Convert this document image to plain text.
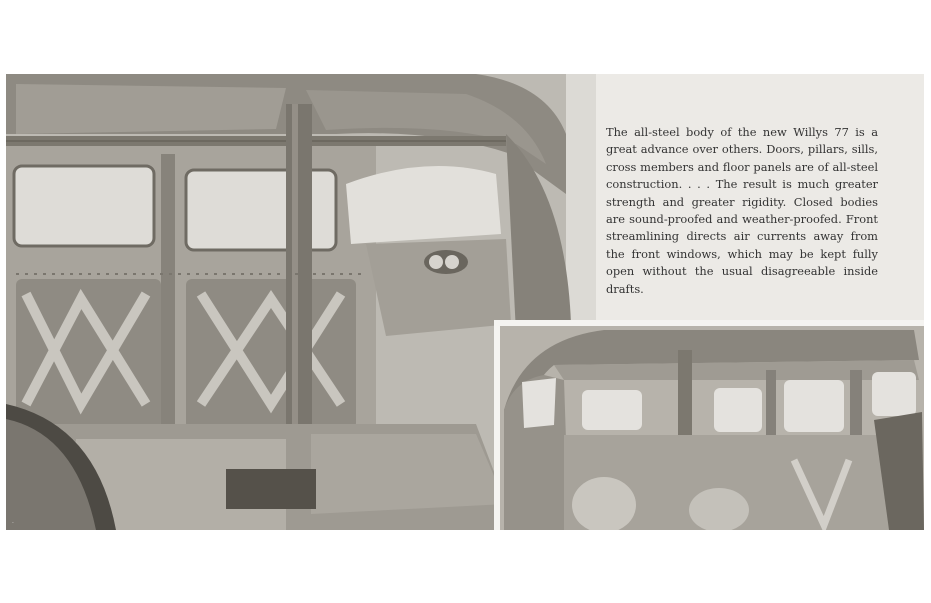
The all-steel body of the new Willys 77 is a great advance over others. Doors, pillars, sills, cross members and floor panels are of all-steel construction. . . . The result is much greater strength and greater rigidity. Closed bodies are sound-proofed and weather-proofed. Front streamlining directs air currents away from the front windows, which may be kept fully open without the usual disagreeable inside drafts.
·
